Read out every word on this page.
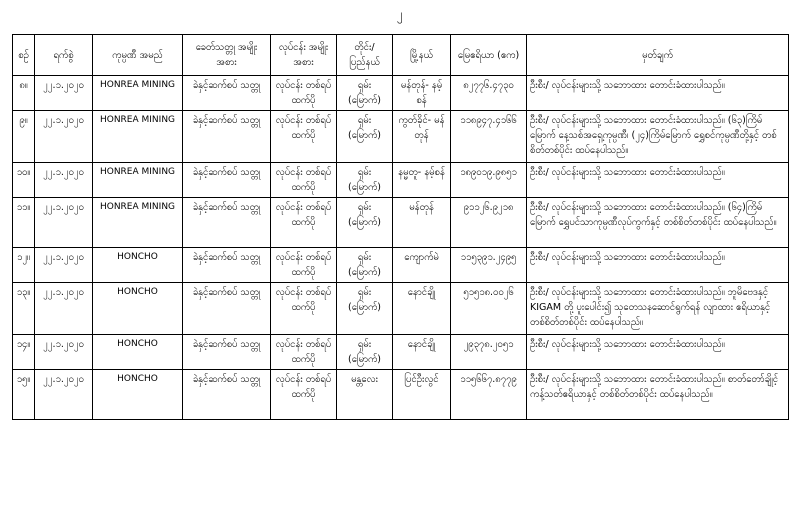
၂
စဉ်	ရက်စွဲ	ကုမ္ပဏီ အမည်	ခေတ်သတ္တု အမျိုးအစား	လုပ်ငန်း အမျိုးအစား	တိုင်း/ ပြည်နယ်	မြို့နယ်	မြေဧရိယာ (ဧက)	မှတ်ချက်
၈။	၂၂.၁.၂၀၂၀	HONREA MINING	ခဲနှင့်ဆက်စပ် သတ္တု	လုပ်ငန်း တစ်ရပ်ထက်ပို	ရှမ်း (မြောက်)	မန်တုန်- နမ့်စန်	၈၂၇၇၆.၄၇၃၀	ဦးစီး/ လုပ်ငန်းများသို့ သဘောထား တောင်းခံထားပါသည်။
၉။	၂၂.၁.၂၀၂၀	HONREA MINING	ခဲနှင့်ဆက်စပ် သတ္တု	လုပ်ငန်း တစ်ရပ်ထက်ပို	ရှမ်း (မြောက်)	ကွတ်ခိုင်- မန်တုန်	၁၁၈၉၄၇.၄၁၆၆	ဦးစီး/ လုပ်ငန်းများသို့ သဘောထား တောင်းခံထားပါသည်။ (၆၃)ကြိမ်မြောက် နေ့သစ်အရှေ့ကုမ္ပဏီ၊ (၂၄)ကြိမ်မြောက် ရွှေစင်ကုမ္ပဏီတို့နှင့် တစ်စိတ်တစ်ပိုင်း ထပ်နေပါသည်။
၁၀။	၂၂.၁.၂၀၂၀	HONREA MINING	ခဲနှင့်ဆက်စပ် သတ္တု	လုပ်ငန်း တစ်ရပ်ထက်ပို	ရှမ်း (မြောက်)	နမ္မတူ- နမ့်စန်	၁၈၉၀၁၉.၉၈၅၁	ဦးစီး/ လုပ်ငန်းများသို့ သဘောထား တောင်းခံထားပါသည်။
၁၁။	၂၂.၁.၂၀၂၀	HONREA MINING	ခဲနှင့်ဆက်စပ် သတ္တု	လုပ်ငန်း တစ်ရပ်ထက်ပို	ရှမ်း (မြောက်)	မန်တုန်	၉၁၁၂၆.၉၂၁၈	ဦးစီး/ လုပ်ငန်းများသို့ သဘောထား တောင်းခံထားပါသည်။ (၆၄)ကြိမ်မြောက် ရွှေပင်သာကုမ္ပဏီလုပ်ကွက်နှင့် တစ်စိတ်တစ်ပိုင်း ထပ်နေပါသည်။
၁၂။	၂၂.၁.၂၀၂၀	HONCHO	ခဲနှင့်ဆက်စပ် သတ္တု	လုပ်ငန်း တစ်ရပ်ထက်ပို	ရှမ်း (မြောက်)	ကျောက်မဲ	၁၁၅၃၉၁.၂၄၉၅	ဦးစီး/ လုပ်ငန်းများသို့ သဘောထား တောင်းခံထားပါသည်။
၁၃။	၂၂.၁.၂၀၂၀	HONCHO	ခဲနှင့်ဆက်စပ် သတ္တု	လုပ်ငန်း တစ်ရပ်ထက်ပို	ရှမ်း (မြောက်)	နောင်ချို	၅၁၅၁၈.၀၀၂၆	ဦးစီး/ လုပ်ငန်းများသို့ သဘောထား တောင်းခံထားပါသည်။ ဘူမိဗေဒနှင့် KIGAM တို့ ပူးပေါင်း၍ သုတေသနဆောင်ရွက်ရန် လျာထား ဧရိယာနှင့် တစ်စိတ်တစ်ပိုင်း ထပ်နေပါသည်။
၁၄။	၂၂.၁.၂၀၂၀	HONCHO	ခဲနှင့်ဆက်စပ် သတ္တု	လုပ်ငန်း တစ်ရပ်ထက်ပို	ရှမ်း (မြောက်)	နောင်ချို	၂၉၃၇၈.၂၀၅၁	ဦးစီး/ လုပ်ငန်းများသို့ သဘောထား တောင်းခံထားပါသည်။
၁၅။	၂၂.၁.၂၀၂၀	HONCHO	ခဲနှင့်ဆက်စပ် သတ္တု	လုပ်ငန်း တစ်ရပ်ထက်ပို	မန္တလေး	ပြင်ဦးလွင်	၁၁၅၆၆၇.၈၇၇၉	ဦးစီး/ လုပ်ငန်းများသို့ သဘောထား တောင်းခံထားပါသည်။ စာတ်တော်ချိုင့် ကန့်သတ်ဧရိယာနှင့် တစ်စိတ်တစ်ပိုင်း ထပ်နေပါသည်။
